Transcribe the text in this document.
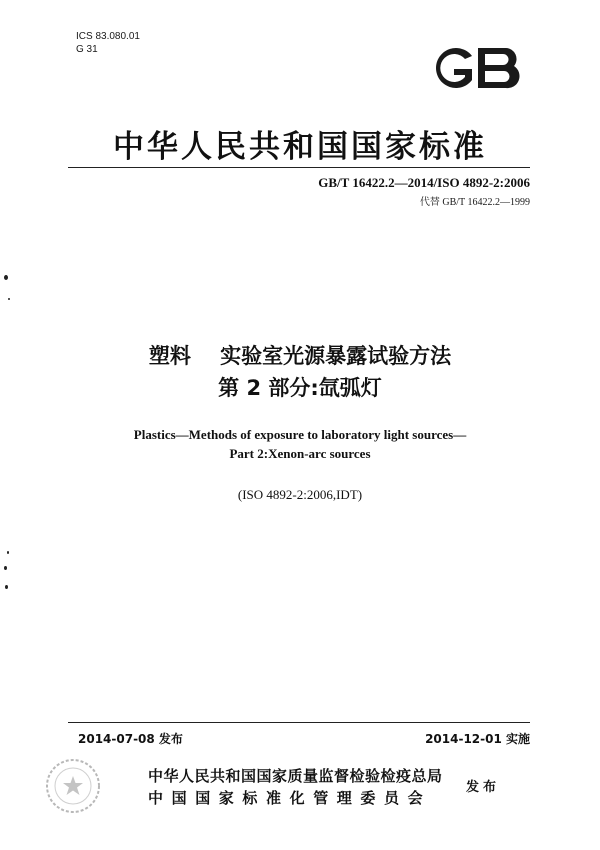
ICS 83.080.01
G 31
中华人民共和国国家标准
GB/T 16422.2—2014/ISO 4892-2:2006
代替 GB/T 16422.2—1999
塑料    实验室光源暴露试验方法
第 2 部分:氙弧灯
Plastics—Methods of exposure to laboratory light sources—
Part 2:Xenon-arc sources
(ISO 4892-2:2006,IDT)
2014-07-08 发布	2014-12-01 实施
中华人民共和国国家质量监督检验检疫总局
中国国家标准化管理委员会
发布
